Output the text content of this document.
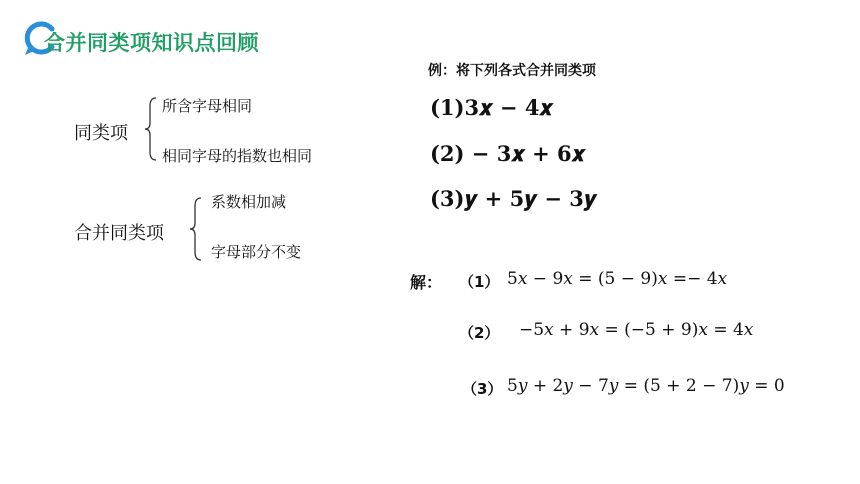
合并同类项知识点回顾
同类项
所含字母相同
相同字母的指数也相同
合并同类项
系数相加减
字母部分不变
例：将下列各式合并同类项
(1)3𝒙 − 4𝒙
(2) − 3𝒙 + 6𝒙
(3)𝒚 + 5𝒚 − 3𝒚
解： （1） 5𝑥 − 9𝑥 = (5 − 9)𝑥 =− 4𝑥
（2） −5𝑥 + 9𝑥 = (−5 + 9)𝑥 = 4𝑥
（3） 5𝑦 + 2𝑦 − 7𝑦 = (5 + 2 − 7)𝑦 = 0
